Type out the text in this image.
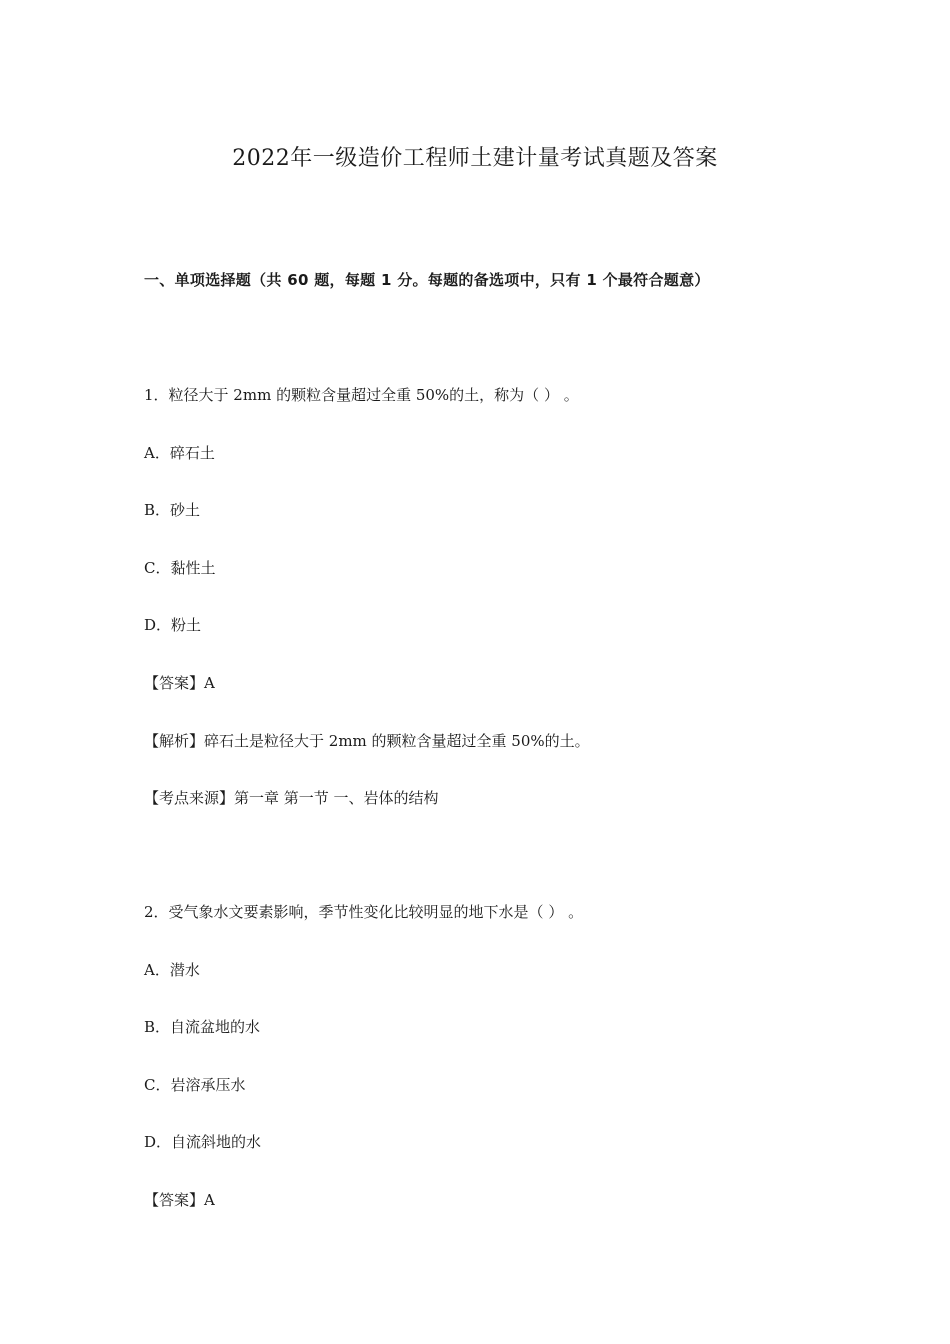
2022年一级造价工程师土建计量考试真题及答案
一、单项选择题（共 60 题，每题 1 分。每题的备选项中，只有 1 个最符合题意）
1．粒径大于 2mm 的颗粒含量超过全重 50%的土，称为（ ） 。
A．碎石土
B．砂土
C．黏性土
D．粉土
【答案】A
【解析】碎石土是粒径大于 2mm 的颗粒含量超过全重 50%的土。
【考点来源】第一章 第一节 一、岩体的结构
2．受气象水文要素影响，季节性变化比较明显的地下水是（ ） 。
A．潜水
B．自流盆地的水
C．岩溶承压水
D．自流斜地的水
【答案】A
